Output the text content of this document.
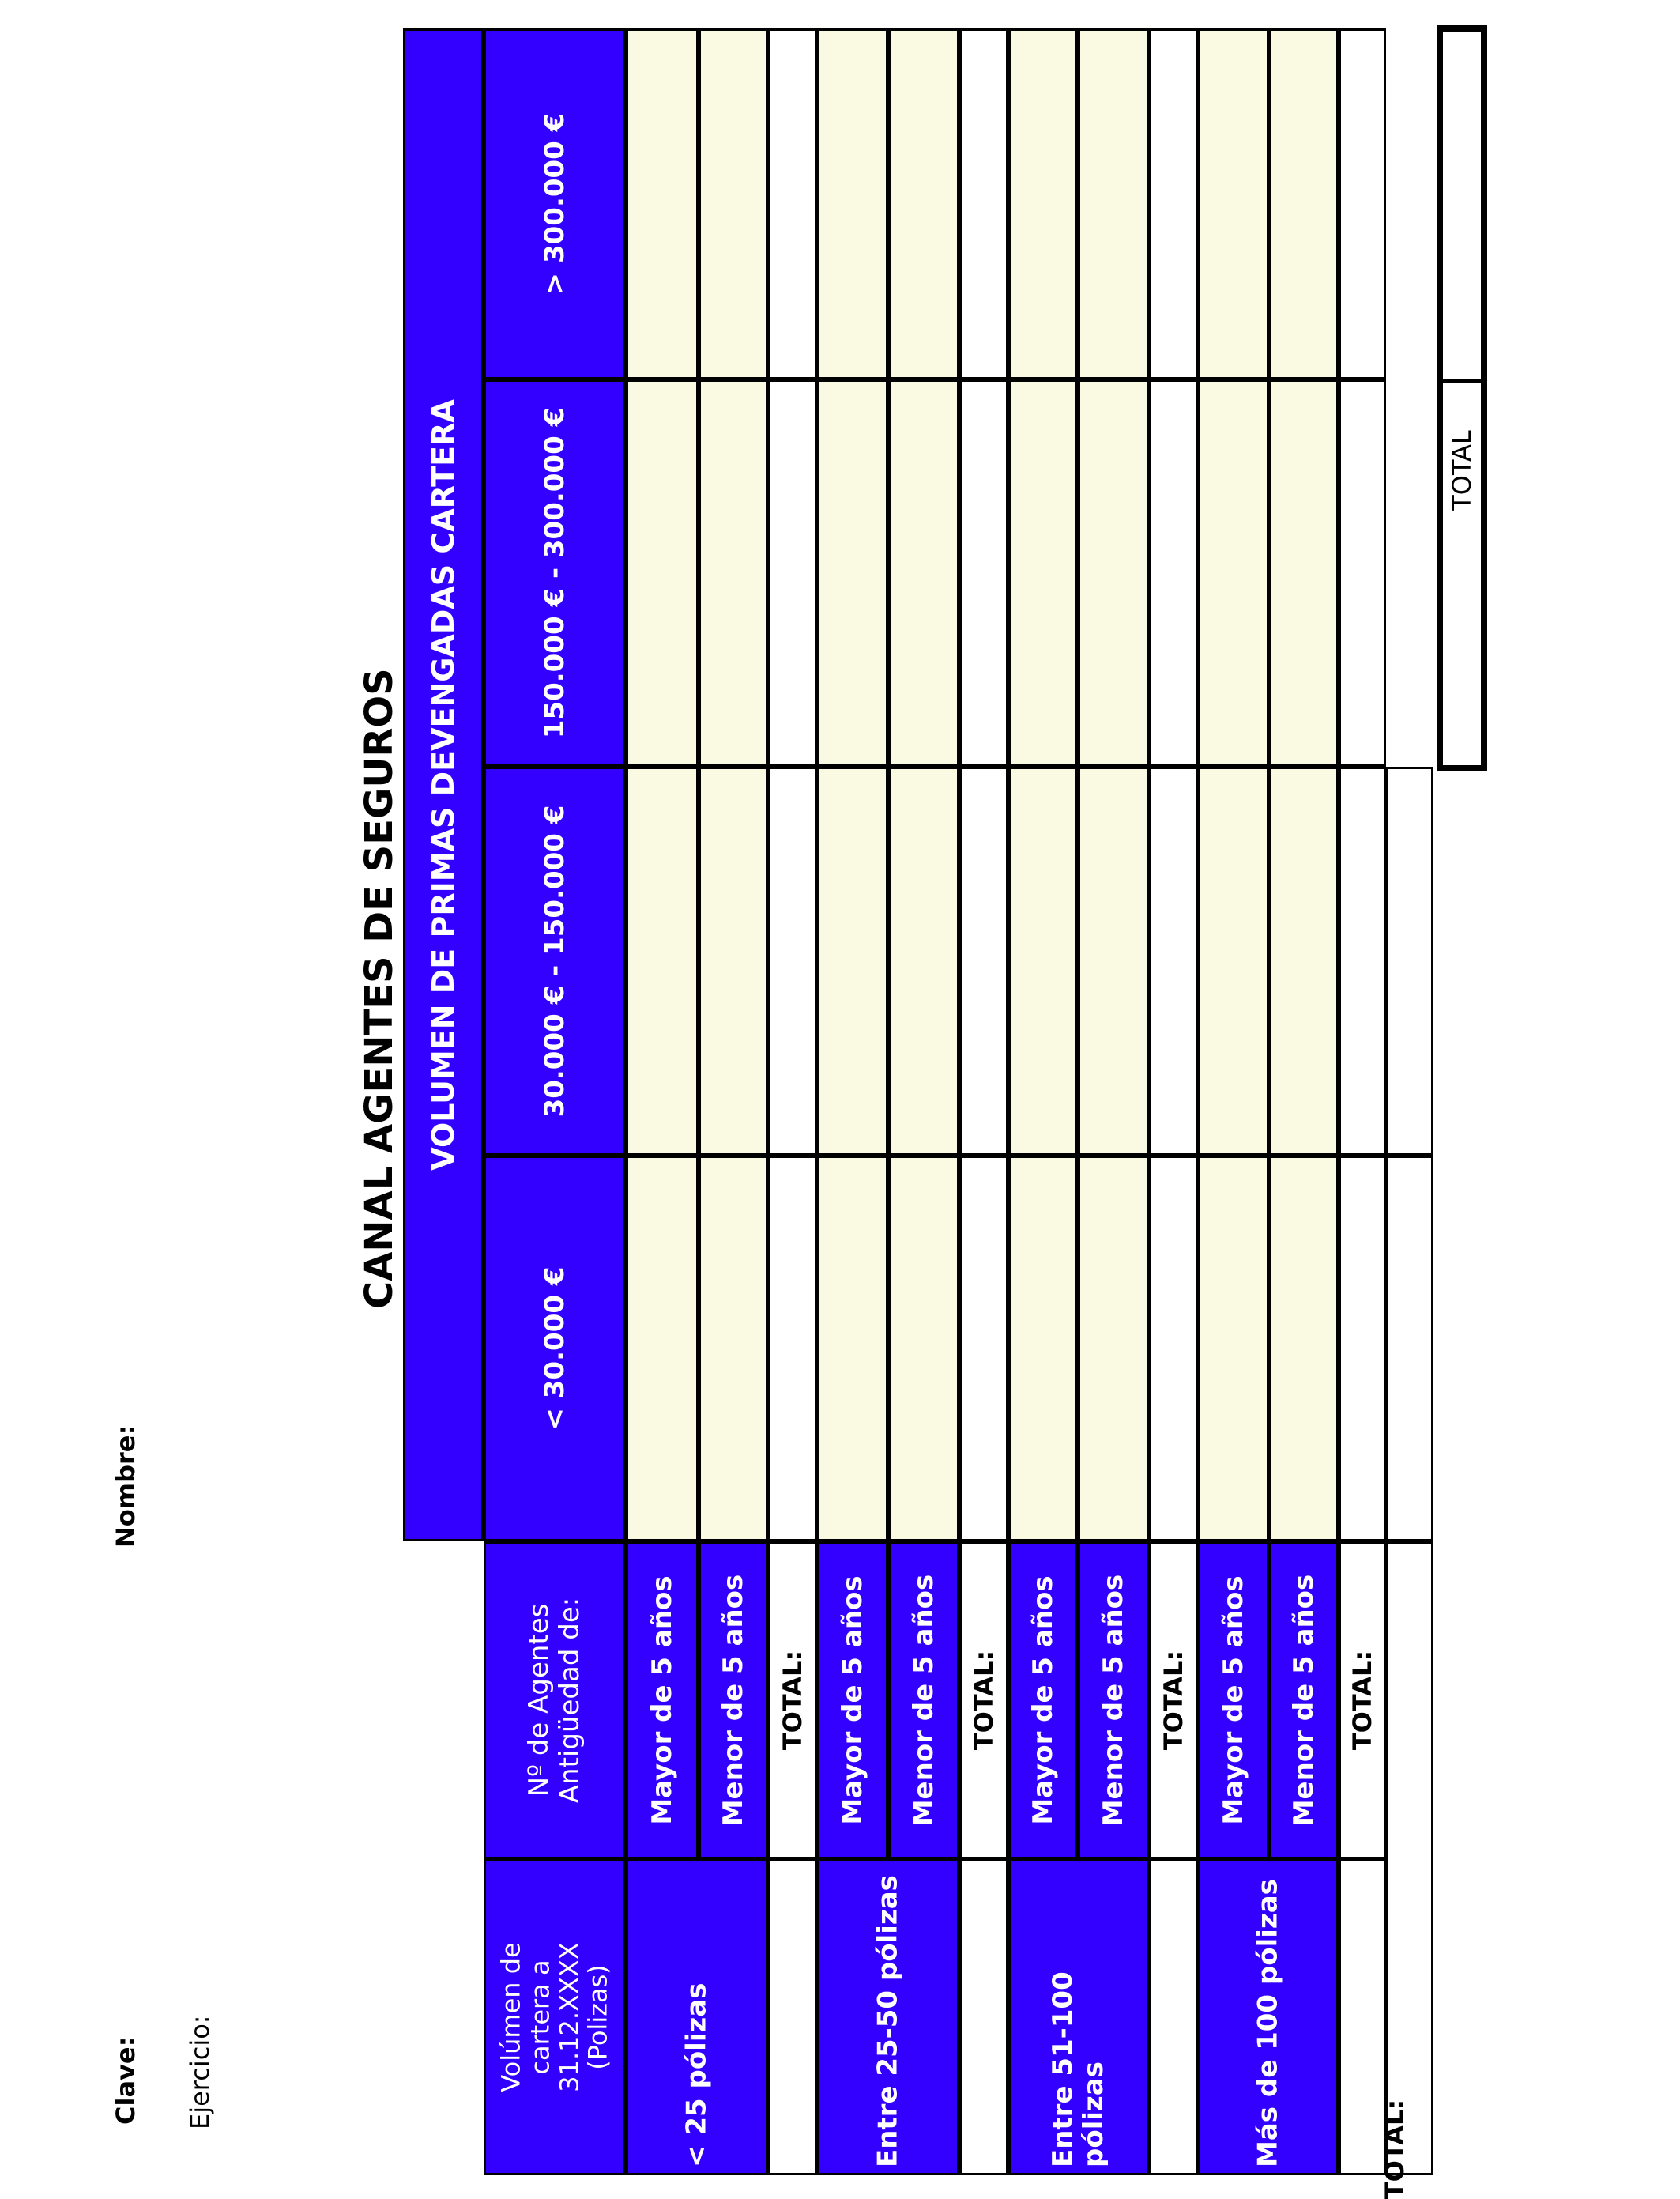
Clave: Ejercicio:
Nombre:
CANAL AGENTES DE SEGUROS VOLUMEN DE PRIMAS DEVENGADAS CARTERA
< 30.000 €
30.000 € - 150.000 €
150.000 € - 300.000 €
> 300.000 €
Volúmen de
cartera a
31.12.XXXX
(Polizas)
Nº de Agentes Antigüedad de:
< 25 pólizas
Mayor de 5 años Menor de 5 años TOTAL:
Entre 25-50 pólizas
Mayor de 5 años Menor de 5 años TOTAL:
Entre 51-100 pólizas
Mayor de 5 años Menor de 5 años TOTAL:
Más de 100 pólizas
Mayor de 5 años Menor de 5 años TOTAL:
TOTAL:
TOTAL
